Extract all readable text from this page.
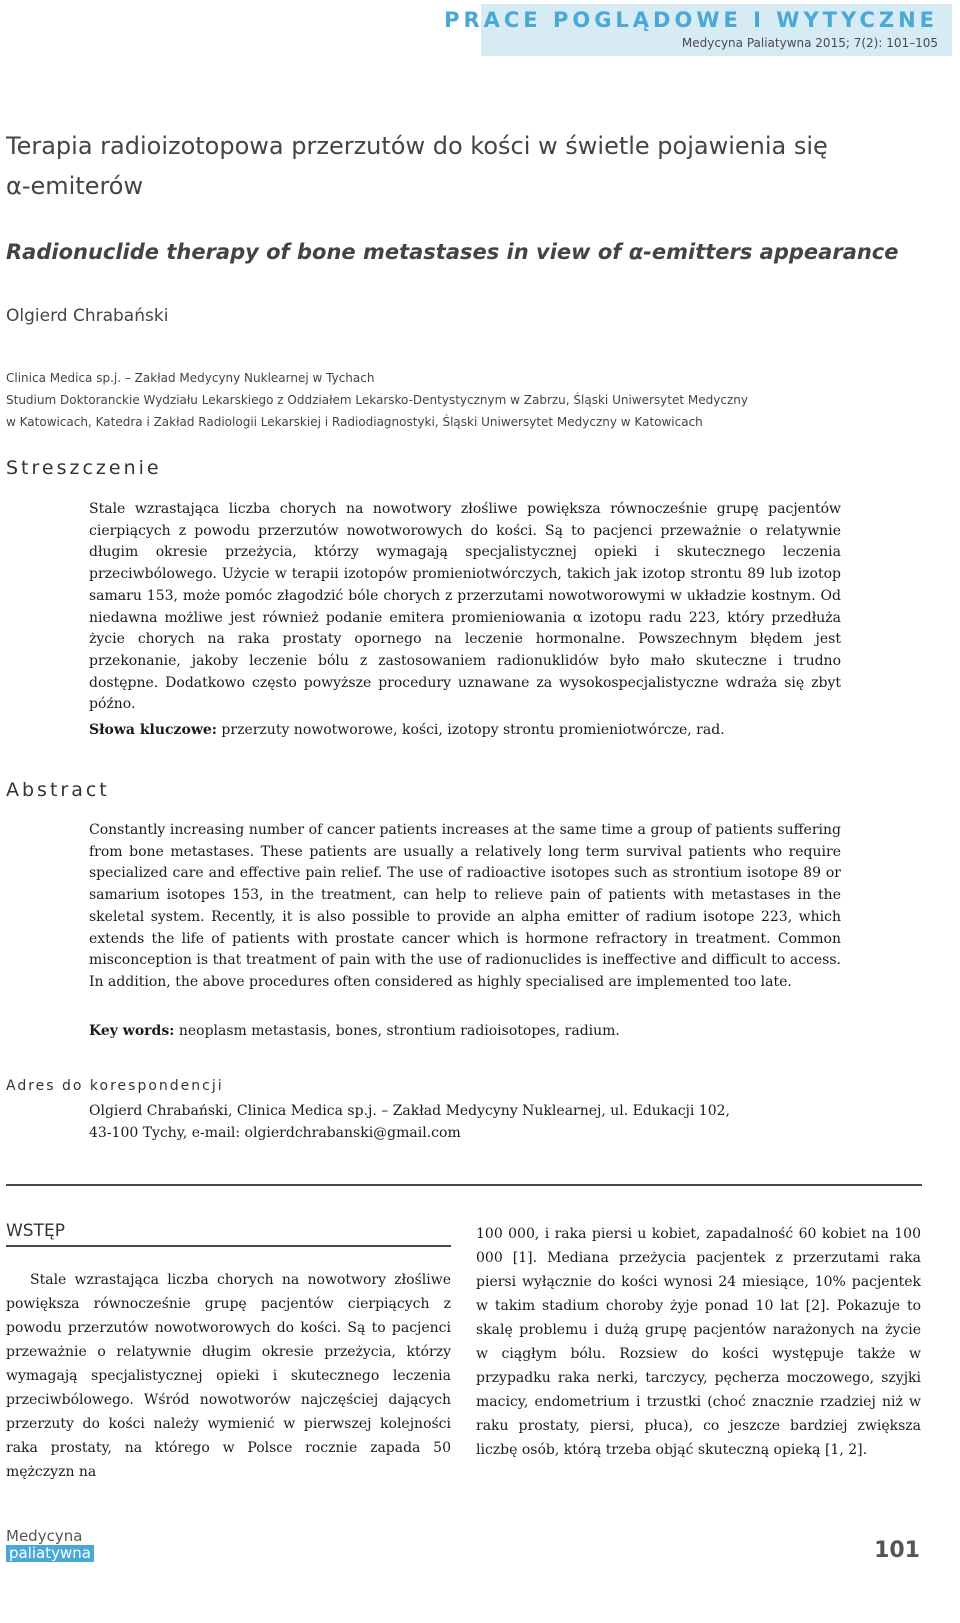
PRACE POGLĄDOWE I WYTYCZNE
Medycyna Paliatywna 2015; 7(2): 101–105
Terapia radioizotopowa przerzutów do kości w świetle pojawienia się
α-emiterów
Radionuclide therapy of bone metastases in view of α-emitters appearance
Olgierd Chrabański
Clinica Medica sp.j. – Zakład Medycyny Nuklearnej w Tychach
Studium Doktoranckie Wydziału Lekarskiego z Oddziałem Lekarsko-Dentystycznym w Zabrzu, Śląski Uniwersytet Medyczny
w Katowicach, Katedra i Zakład Radiologii Lekarskiej i Radiodiagnostyki, Śląski Uniwersytet Medyczny w Katowicach
Streszczenie
Stale wzrastająca liczba chorych na nowotwory złośliwe powiększa równocześnie grupę pacjentów cierpiących z powodu przerzutów nowotworowych do kości. Są to pacjenci przeważnie o relatywnie długim okresie przeżycia, którzy wymagają specjalistycznej opieki i skutecznego leczenia przeciwbólowego. Użycie w terapii izotopów promieniotwórczych, takich jak izotop strontu 89 lub izotop samaru 153, może pomóc złagodzić bóle chorych z przerzutami nowotworowymi w układzie kostnym. Od niedawna możliwe jest również podanie emitera promieniowania α izotopu radu 223, który przedłuża życie chorych na raka prostaty opornego na leczenie hormonalne. Powszechnym błędem jest przekonanie, jakoby leczenie bólu z zastosowaniem radionuklidów było mało skuteczne i trudno dostępne. Dodatkowo często powyższe procedury uznawane za wysokospecjalistyczne wdraża się zbyt późno.
Słowa kluczowe: przerzuty nowotworowe, kości, izotopy strontu promieniotwórcze, rad.
Abstract
Constantly increasing number of cancer patients increases at the same time a group of patients suffering from bone metastases. These patients are usually a relatively long term survival patients who require specialized care and effective pain relief. The use of radioactive isotopes such as strontium isotope 89 or samarium isotopes 153, in the treatment, can help to relieve pain of patients with metastases in the skeletal system. Recently, it is also possible to provide an alpha emitter of radium isotope 223, which extends the life of patients with prostate cancer which is hormone refractory in treatment. Common misconception is that treatment of pain with the use of radionuclides is ineffective and difficult to access. In addition, the above procedures often considered as highly specialised are implemented too late.
Key words: neoplasm metastasis, bones, strontium radioisotopes, radium.
Adres do korespondencji
Olgierd Chrabański, Clinica Medica sp.j. – Zakład Medycyny Nuklearnej, ul. Edukacji 102,
43-100 Tychy, e-mail: olgierdchrabanski@gmail.com
WSTĘP
Stale wzrastająca liczba chorych na nowotwory złośliwe powiększa równocześnie grupę pacjentów cierpiących z powodu przerzutów nowotworowych do kości. Są to pacjenci przeważnie o relatywnie długim okresie przeżycia, którzy wymagają specjalistycznej opieki i skutecznego leczenia przeciwbólowego. Wśród nowotworów najczęściej dających przerzuty do kości należy wymienić w pierwszej kolejności raka prostaty, na którego w Polsce rocznie zapada 50 mężczyzn na
100 000, i raka piersi u kobiet, zapadalność 60 kobiet na 100 000 [1]. Mediana przeżycia pacjentek z przerzutami raka piersi wyłącznie do kości wynosi 24 miesiące, 10% pacjentek w takim stadium choroby żyje ponad 10 lat [2]. Pokazuje to skalę problemu i dużą grupę pacjentów narażonych na życie w ciągłym bólu. Rozsiew do kości występuje także w przypadku raka nerki, tarczycy, pęcherza moczowego, szyjki macicy, endometrium i trzustki (choć znacznie rzadziej niż w raku prostaty, piersi, płuca), co jeszcze bardziej zwiększa liczbę osób, którą trzeba objąć skuteczną opieką [1, 2].
Medycyna
paliatywna	101
